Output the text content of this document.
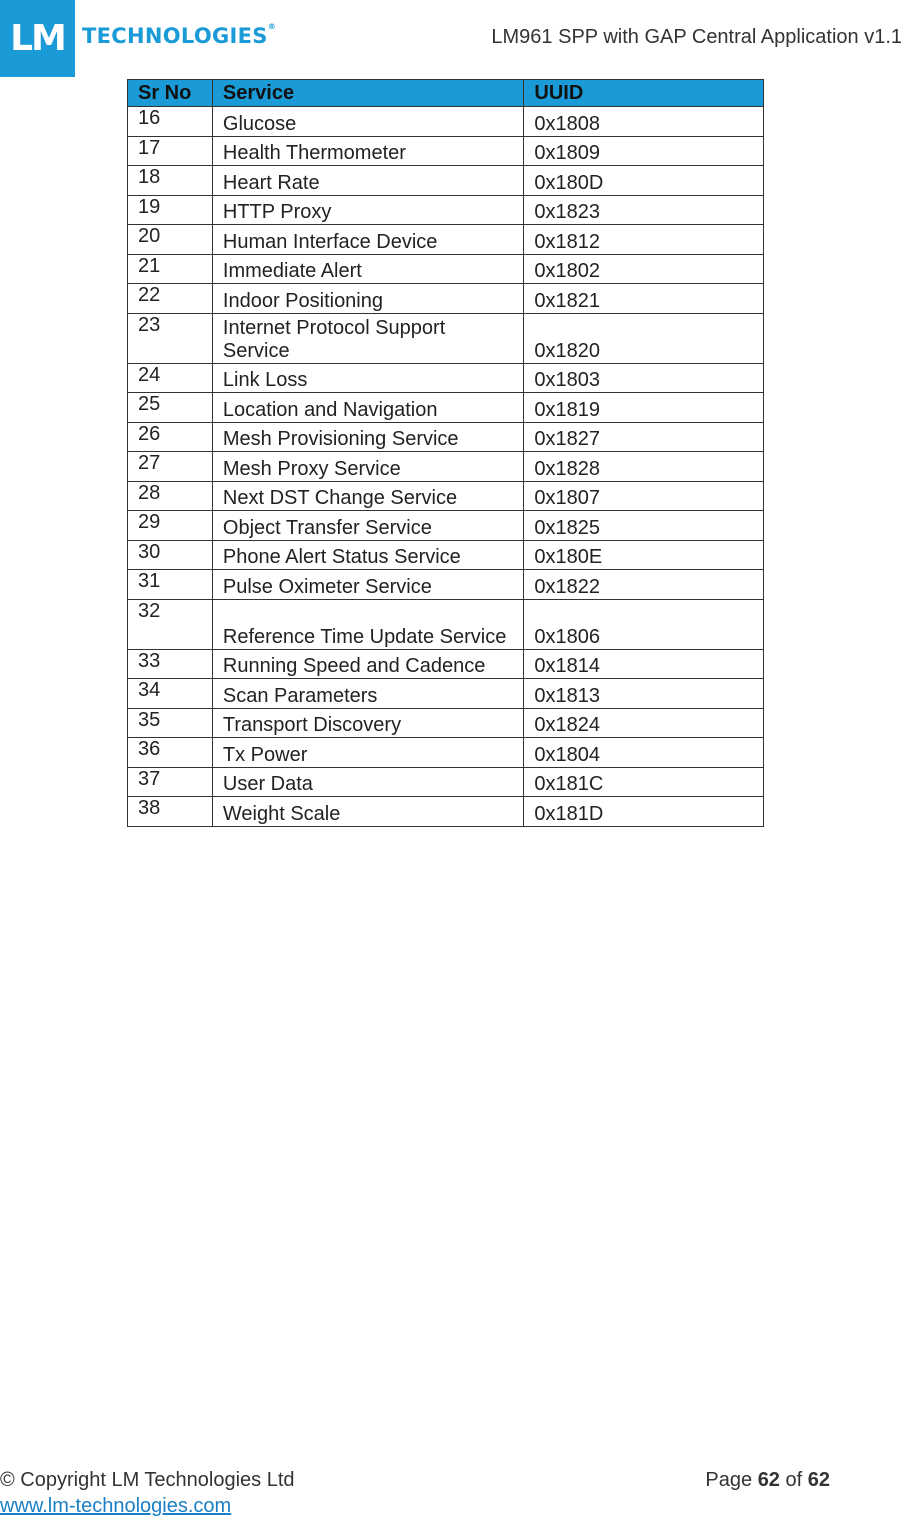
LM TECHNOLOGIES®	LM961 SPP with GAP Central Application v1.1
Sr No	Service	UUID
16	Glucose	0x1808
17	Health Thermometer	0x1809
18	Heart Rate	0x180D
19	HTTP Proxy	0x1823
20	Human Interface Device	0x1812
21	Immediate Alert	0x1802
22	Indoor Positioning	0x1821
23	Internet Protocol Support Service	0x1820
24	Link Loss	0x1803
25	Location and Navigation	0x1819
26	Mesh Provisioning Service	0x1827
27	Mesh Proxy Service	0x1828
28	Next DST Change Service	0x1807
29	Object Transfer Service	0x1825
30	Phone Alert Status Service	0x180E
31	Pulse Oximeter Service	0x1822
32	Reference Time Update Service	0x1806
33	Running Speed and Cadence	0x1814
34	Scan Parameters	0x1813
35	Transport Discovery	0x1824
36	Tx Power	0x1804
37	User Data	0x181C
38	Weight Scale	0x181D
© Copyright LM Technologies Ltd
www.lm-technologies.com
Page 62 of 62
